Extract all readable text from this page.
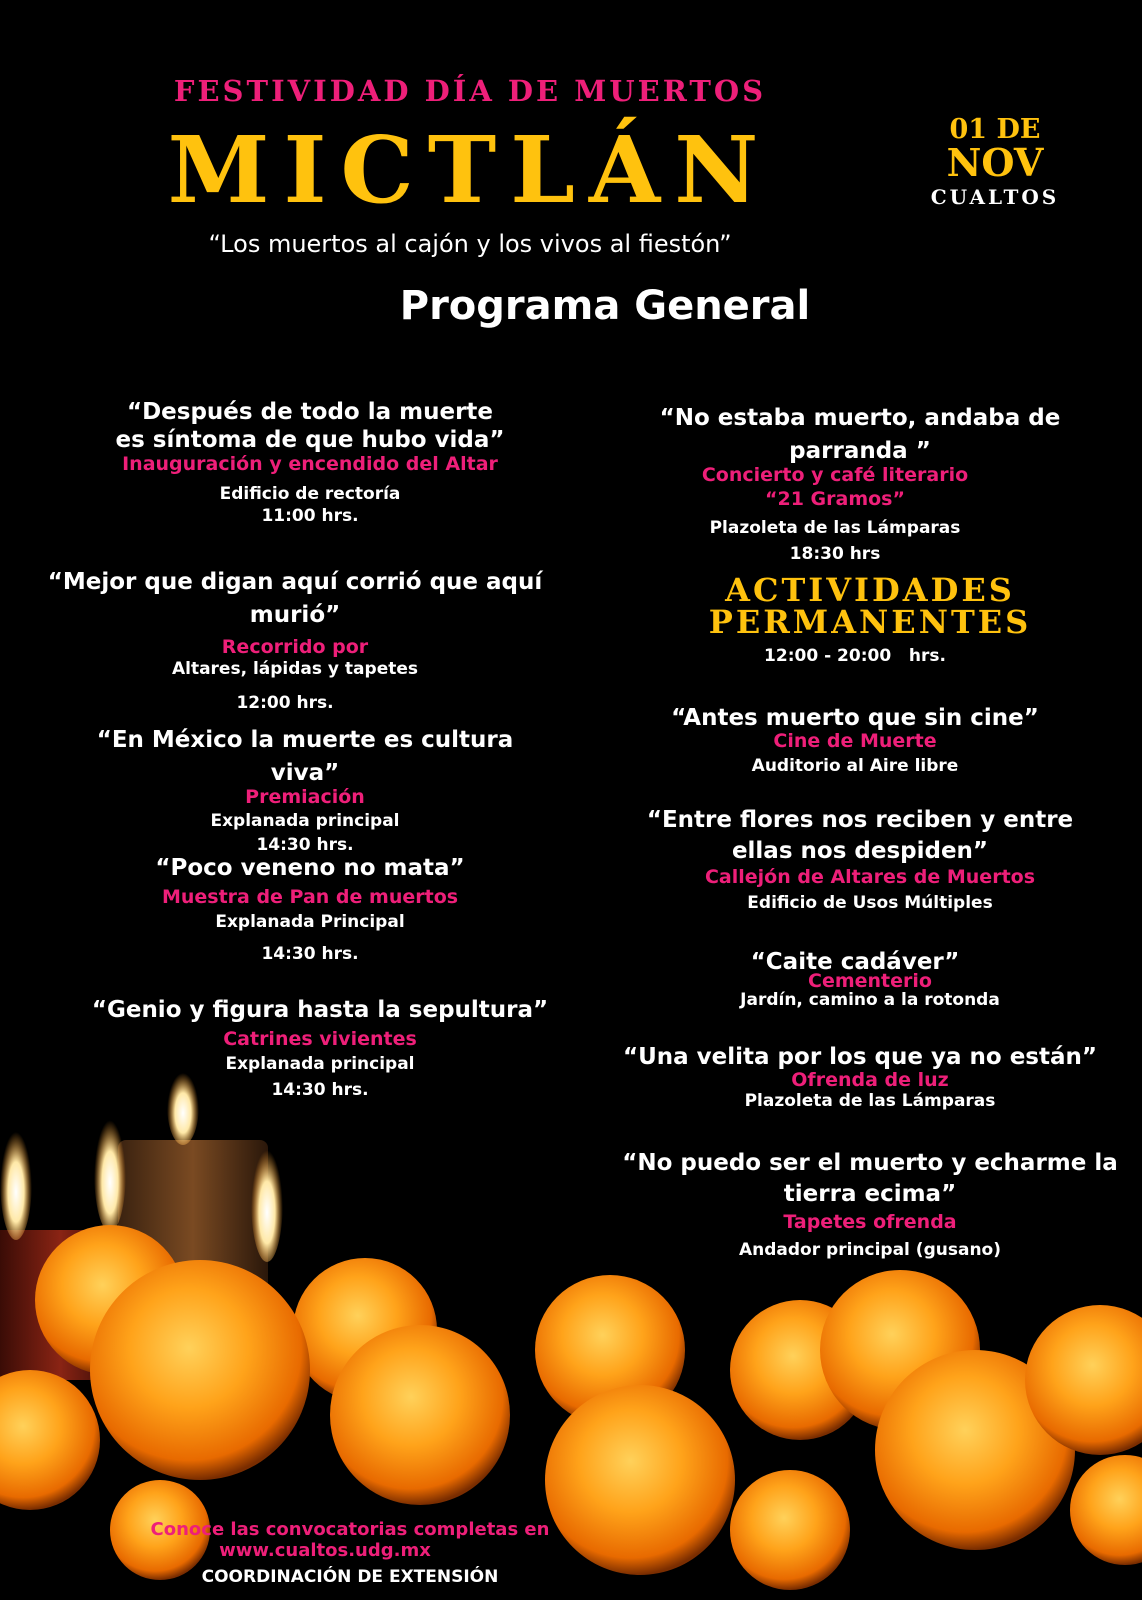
FESTIVIDAD DÍA DE MUERTOS
MICTLÁN
“Los muertos al cajón y los vivos al fiestón”
01 DE
NOV
CUALTOS
Programa General
“Después de todo la muerte
es síntoma de que hubo vida”
Inauguración y encendido del Altar
Edificio de rectoría
11:00 hrs.
“Mejor que digan aquí corrió que aquí murió”
Recorrido por
Altares, lápidas y tapetes
12:00 hrs.
“En México la muerte es cultura viva”
Premiación
Explanada principal
14:30 hrs.
“Poco veneno no mata”
Muestra de Pan de muertos
Explanada Principal
14:30 hrs.
“Genio y figura hasta la sepultura”
Catrines vivientes
Explanada principal
14:30 hrs.
“No estaba muerto, andaba de parranda ”
Concierto y café literario
“21 Gramos”
Plazoleta de las Lámparas
18:30 hrs
ACTIVIDADES
PERMANENTES
12:00 - 20:00   hrs.
“Antes muerto que sin cine”
Cine de Muerte
Auditorio al Aire libre
“Entre flores nos reciben y entre
ellas nos despiden”
Callejón de Altares de Muertos
Edificio de Usos Múltiples
“Caite cadáver”
Cementerio
Jardín, camino a la rotonda
“Una velita por los que ya no están”
Ofrenda de luz
Plazoleta de las Lámparas
“No puedo ser el muerto y echarme la
tierra ecima”
Tapetes ofrenda
Andador principal (gusano)
Conoce las convocatorias completas en
www.cualtos.udg.mx
COORDINACIÓN DE EXTENSIÓN
